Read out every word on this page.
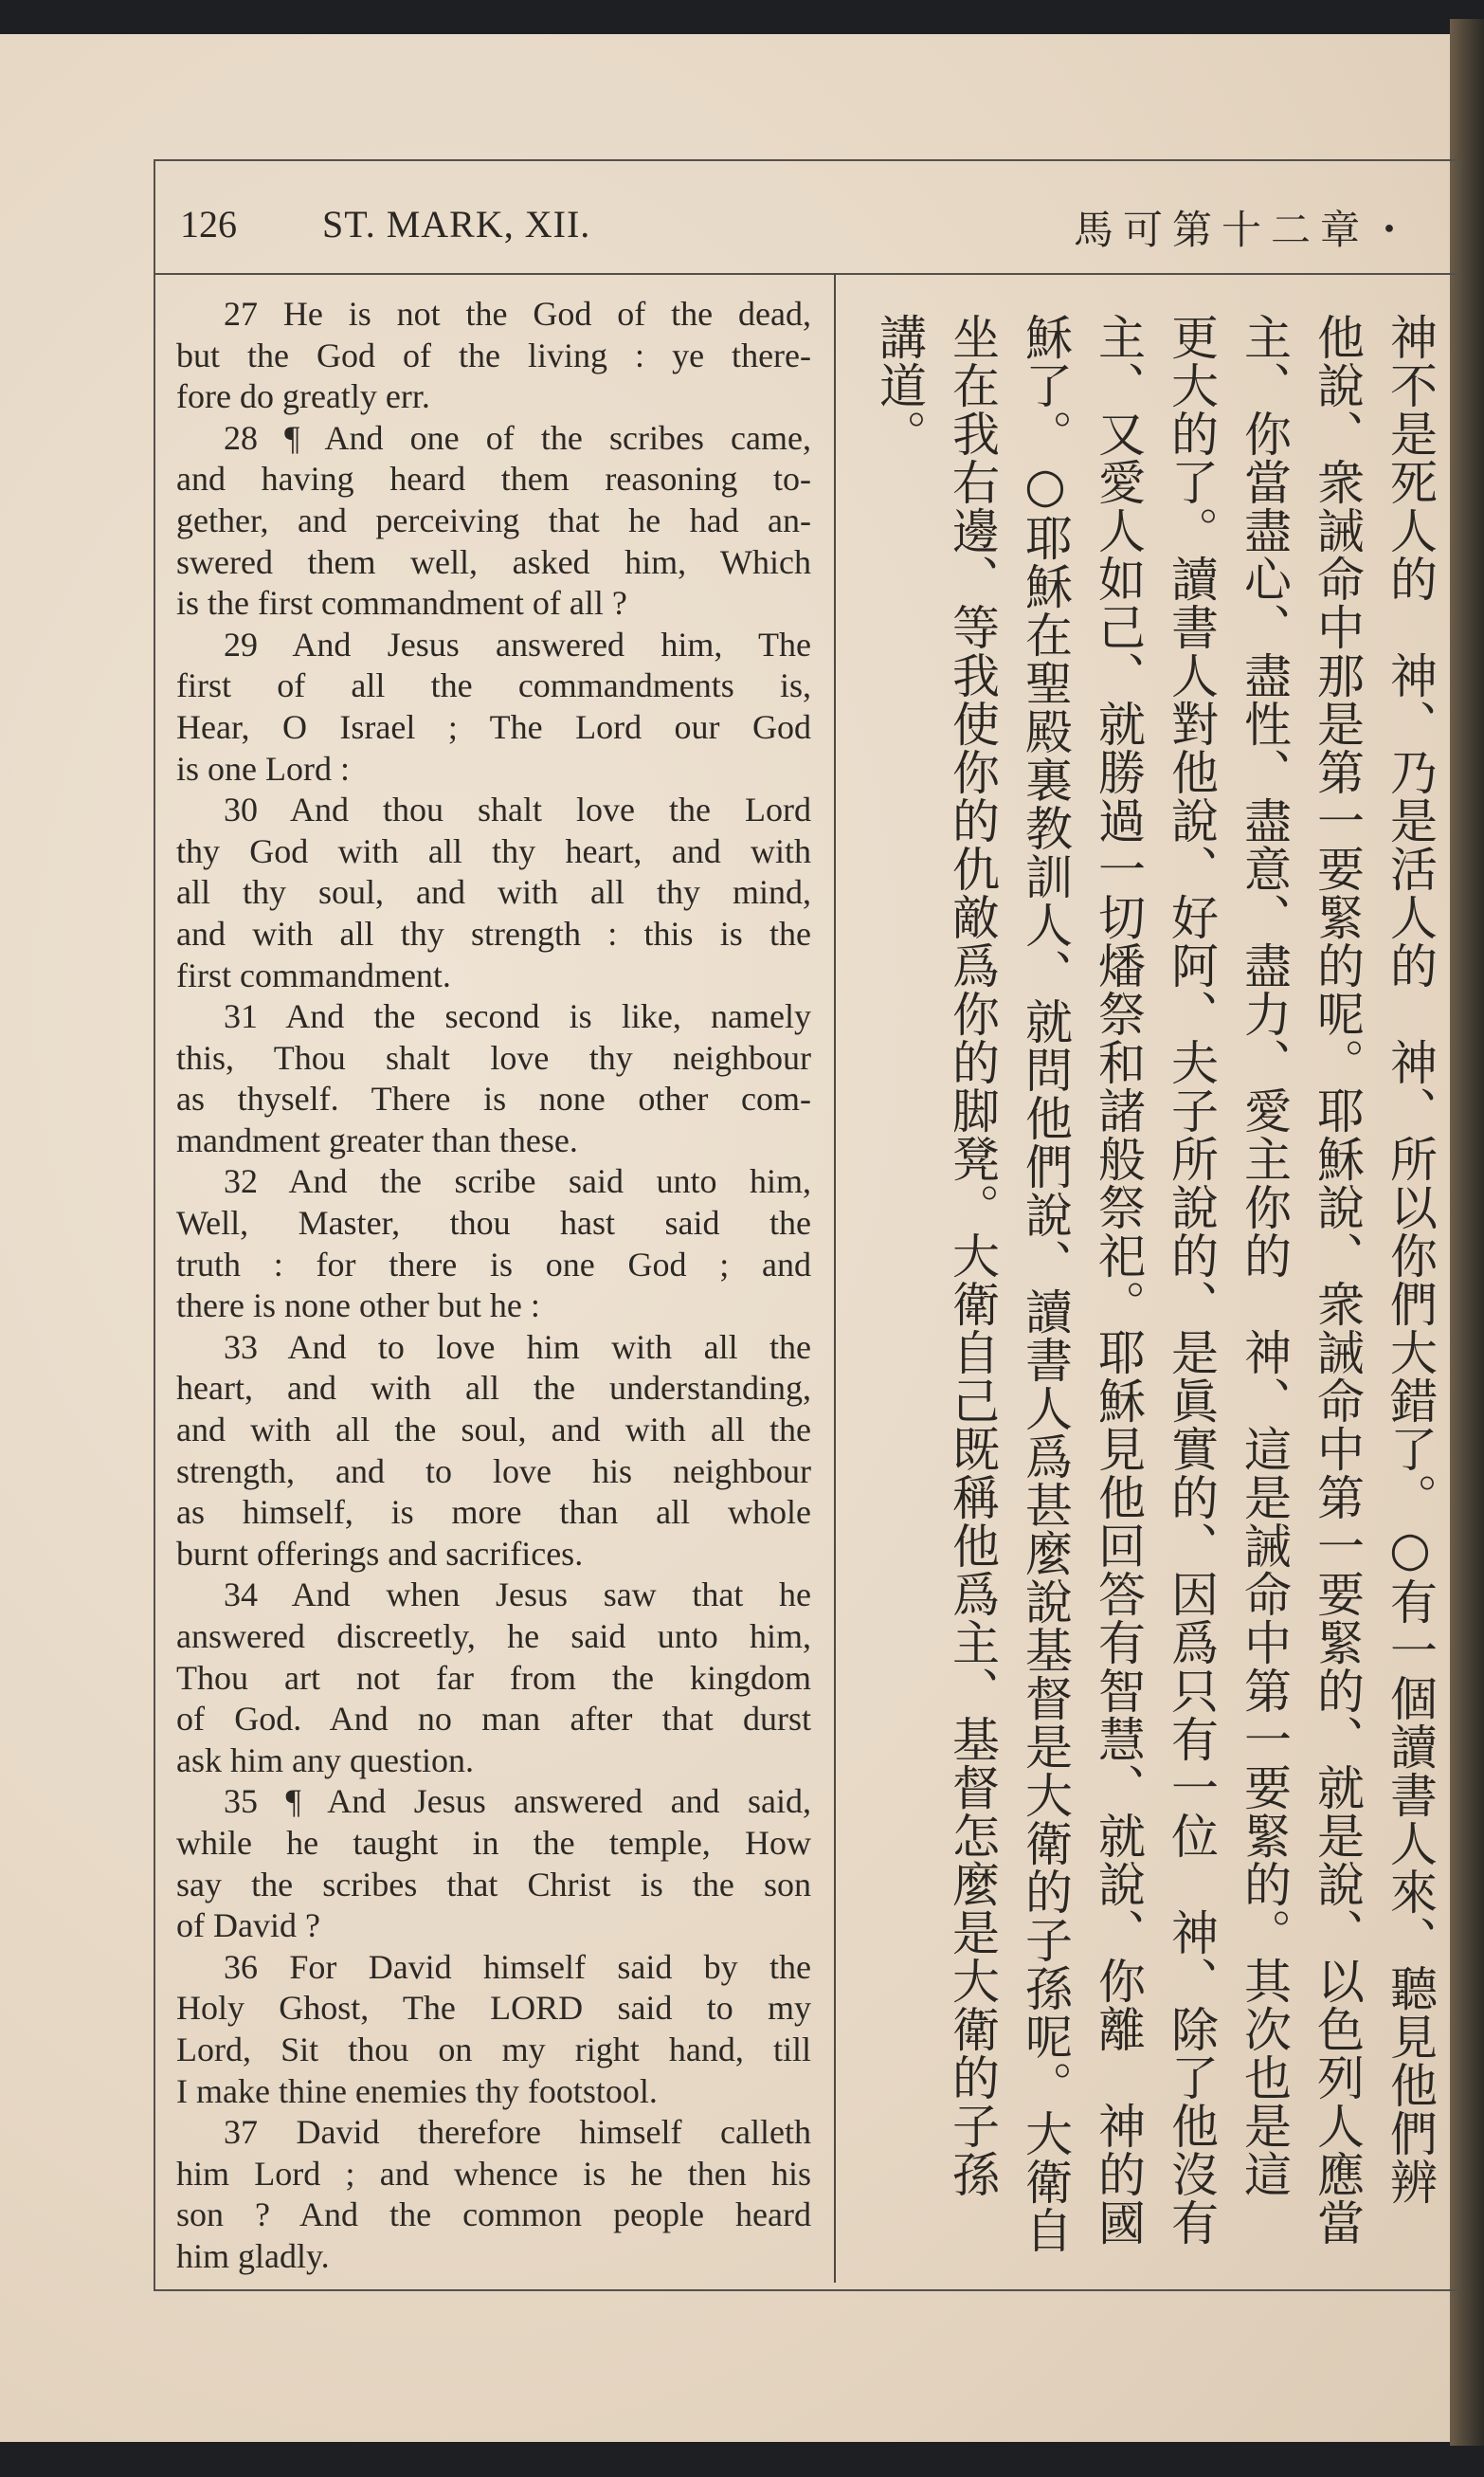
126 ST. MARK, XII.	馬可第十二章・
27 He is not the God of the dead,
but the God of the living : ye there-
fore do greatly err.
28 ¶ And one of the scribes came,
and having heard them reasoning to-
gether, and perceiving that he had an-
swered them well, asked him, Which
is the first commandment of all ?
29 And Jesus answered him, The
first of all the commandments is,
Hear, O Israel ; The Lord our God
is one Lord :
30 And thou shalt love the Lord
thy God with all thy heart, and with
all thy soul, and with all thy mind,
and with all thy strength : this is the
first commandment.
31 And the second is like, namely
this, Thou shalt love thy neighbour
as thyself. There is none other com-
mandment greater than these.
32 And the scribe said unto him,
Well, Master, thou hast said the
truth : for there is one God ; and
there is none other but he :
33 And to love him with all the
heart, and with all the understanding,
and with all the soul, and with all the
strength, and to love his neighbour
as himself, is more than all whole
burnt offerings and sacrifices.
34 And when Jesus saw that he
answered discreetly, he said unto him,
Thou art not far from the kingdom
of God. And no man after that durst
ask him any question.
35 ¶ And Jesus answered and said,
while he taught in the temple, How
say the scribes that Christ is the son
of David ?
36 For David himself said by the
Holy Ghost, The LORD said to my
Lord, Sit thou on my right hand, till
I make thine enemies thy footstool.
37 David therefore himself calleth
him Lord ; and whence is he then his
son ? And the common people heard
him gladly.
神不是死人的　神、乃是活人的　神、所以你們大錯了。○有一個讀書人來、聽見他們辨
他說、衆誡命中那是第一要緊的呢。耶穌說、衆誡命中第一要緊的、就是說、以色列人應當　
主、你當盡心、盡性、盡意、盡力、愛主你的　神、這是誡命中第一要緊的。其次也是這
更大的了。讀書人對他說、好阿、夫子所說的、是眞實的、因爲只有一位　神、除了他沒有
主、又愛人如己、就勝過一切燔祭和諸般祭祀。耶穌見他回答有智慧、就說、你離　神的國
穌了。○耶穌在聖殿裏教訓人、就問他們說、讀書人爲甚麼說基督是大衛的子孫呢。大衛自
坐在我右邊、等我使你的仇敵爲你的脚凳。大衛自己既稱他爲主、基督怎麼是大衛的子孫
講道。
